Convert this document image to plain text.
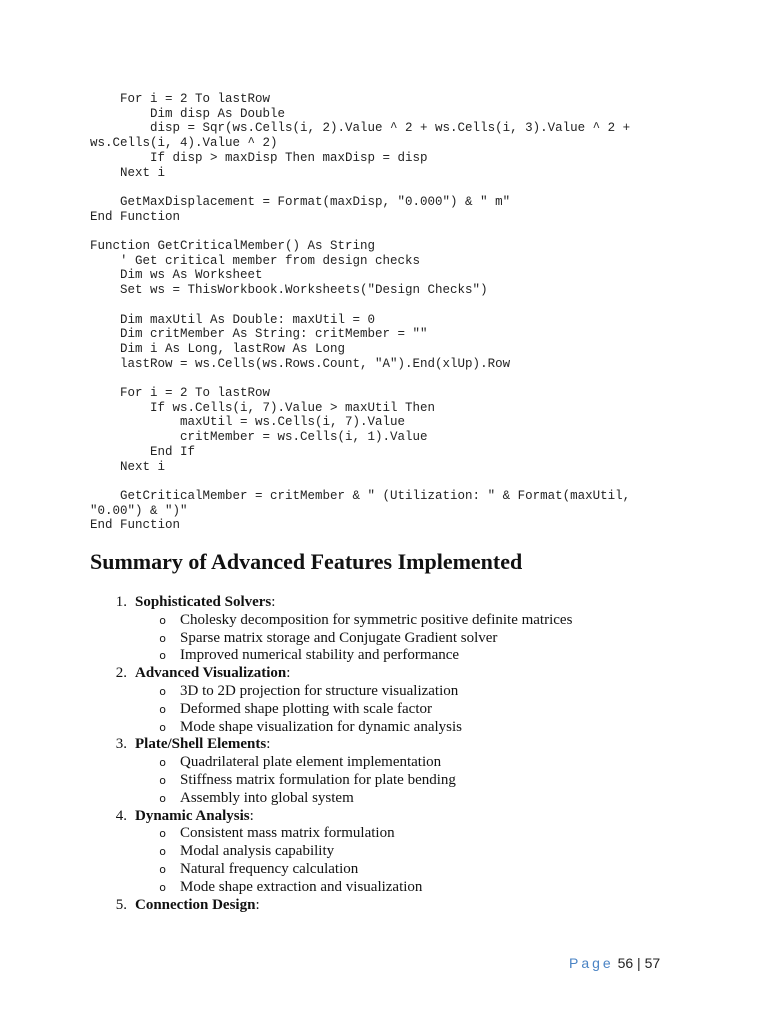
For i = 2 To lastRow
Dim disp As Double
disp = Sqr(ws.Cells(i, 2).Value ^ 2 + ws.Cells(i, 3).Value ^ 2 +
ws.Cells(i, 4).Value ^ 2)
If disp > maxDisp Then maxDisp = disp
Next i

GetMaxDisplacement = Format(maxDisp, "0.000") & " m"
End Function

Function GetCriticalMember() As String
' Get critical member from design checks
Dim ws As Worksheet
Set ws = ThisWorkbook.Worksheets("Design Checks")

Dim maxUtil As Double: maxUtil = 0
Dim critMember As String: critMember = ""
Dim i As Long, lastRow As Long
lastRow = ws.Cells(ws.Rows.Count, "A").End(xlUp).Row

For i = 2 To lastRow
If ws.Cells(i, 7).Value > maxUtil Then
maxUtil = ws.Cells(i, 7).Value
critMember = ws.Cells(i, 1).Value
End If
Next i

GetCriticalMember = critMember & " (Utilization: " & Format(maxUtil,
"0.00") & ")"
End Function
Summary of Advanced Features Implemented
1. Sophisticated Solvers :
o Cholesky decomposition for symmetric positive definite matrices
o Sparse matrix storage and Conjugate Gradient solver
o Improved numerical stability and performance
2. Advanced Visualization :
o 3D to 2D projection for structure visualization
o Deformed shape plotting with scale factor
o Mode shape visualization for dynamic analysis
3. Plate/Shell Elements :
o Quadrilateral plate element implementation
o Stiffness matrix formulation for plate bending
o Assembly into global system
4. Dynamic Analysis :
o Consistent mass matrix formulation
o Modal analysis capability
o Natural frequency calculation
o Mode shape extraction and visualization
5. Connection Design :
Page 56 | 57
